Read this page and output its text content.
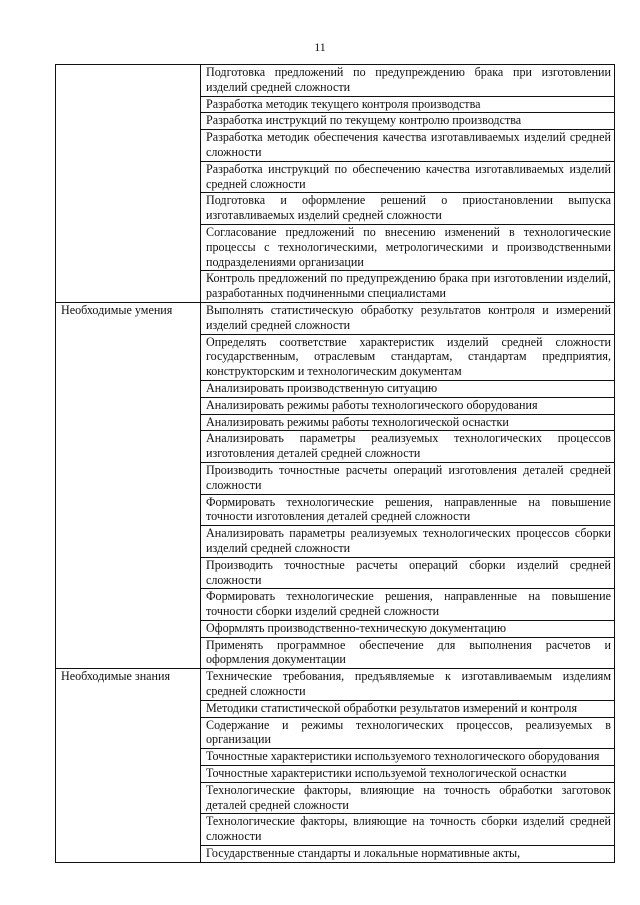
11
	Подготовка предложений по предупреждению брака при изготовлении изделий средней сложности
	Разработка методик текущего контроля производства
	Разработка инструкций по текущему контролю производства
	Разработка методик обеспечения качества изготавливаемых изделий средней сложности
	Разработка инструкций по обеспечению качества изготавливаемых изделий средней сложности
	Подготовка и оформление решений о приостановлении выпуска изготавливаемых изделий средней сложности
	Согласование предложений по внесению изменений в технологические процессы с технологическими, метрологическими и производственными подразделениями организации
	Контроль предложений по предупреждению брака при изготовлении изделий, разработанных подчиненными специалистами
Необходимые умения	Выполнять статистическую обработку результатов контроля и измерений изделий средней сложности
	Определять соответствие характеристик изделий средней сложности государственным, отраслевым стандартам, стандартам предприятия, конструкторским и технологическим документам
	Анализировать производственную ситуацию
	Анализировать режимы работы технологического оборудования
	Анализировать режимы работы технологической оснастки
	Анализировать параметры реализуемых технологических процессов изготовления деталей средней сложности
	Производить точностные расчеты операций изготовления деталей средней сложности
	Формировать технологические решения, направленные на повышение точности изготовления деталей средней сложности
	Анализировать параметры реализуемых технологических процессов сборки изделий средней сложности
	Производить точностные расчеты операций сборки изделий средней сложности
	Формировать технологические решения, направленные на повышение точности сборки изделий средней сложности
	Оформлять производственно-техническую документацию
	Применять программное обеспечение для выполнения расчетов и оформления документации
Необходимые знания	Технические требования, предъявляемые к изготавливаемым изделиям средней сложности
	Методики статистической обработки результатов измерений и контроля
	Содержание и режимы технологических процессов, реализуемых в организации
	Точностные характеристики используемого технологического оборудования
	Точностные характеристики используемой технологической оснастки
	Технологические факторы, влияющие на точность обработки заготовок деталей средней сложности
	Технологические факторы, влияющие на точность сборки изделий средней сложности
	Государственные стандарты и локальные нормативные акты,
